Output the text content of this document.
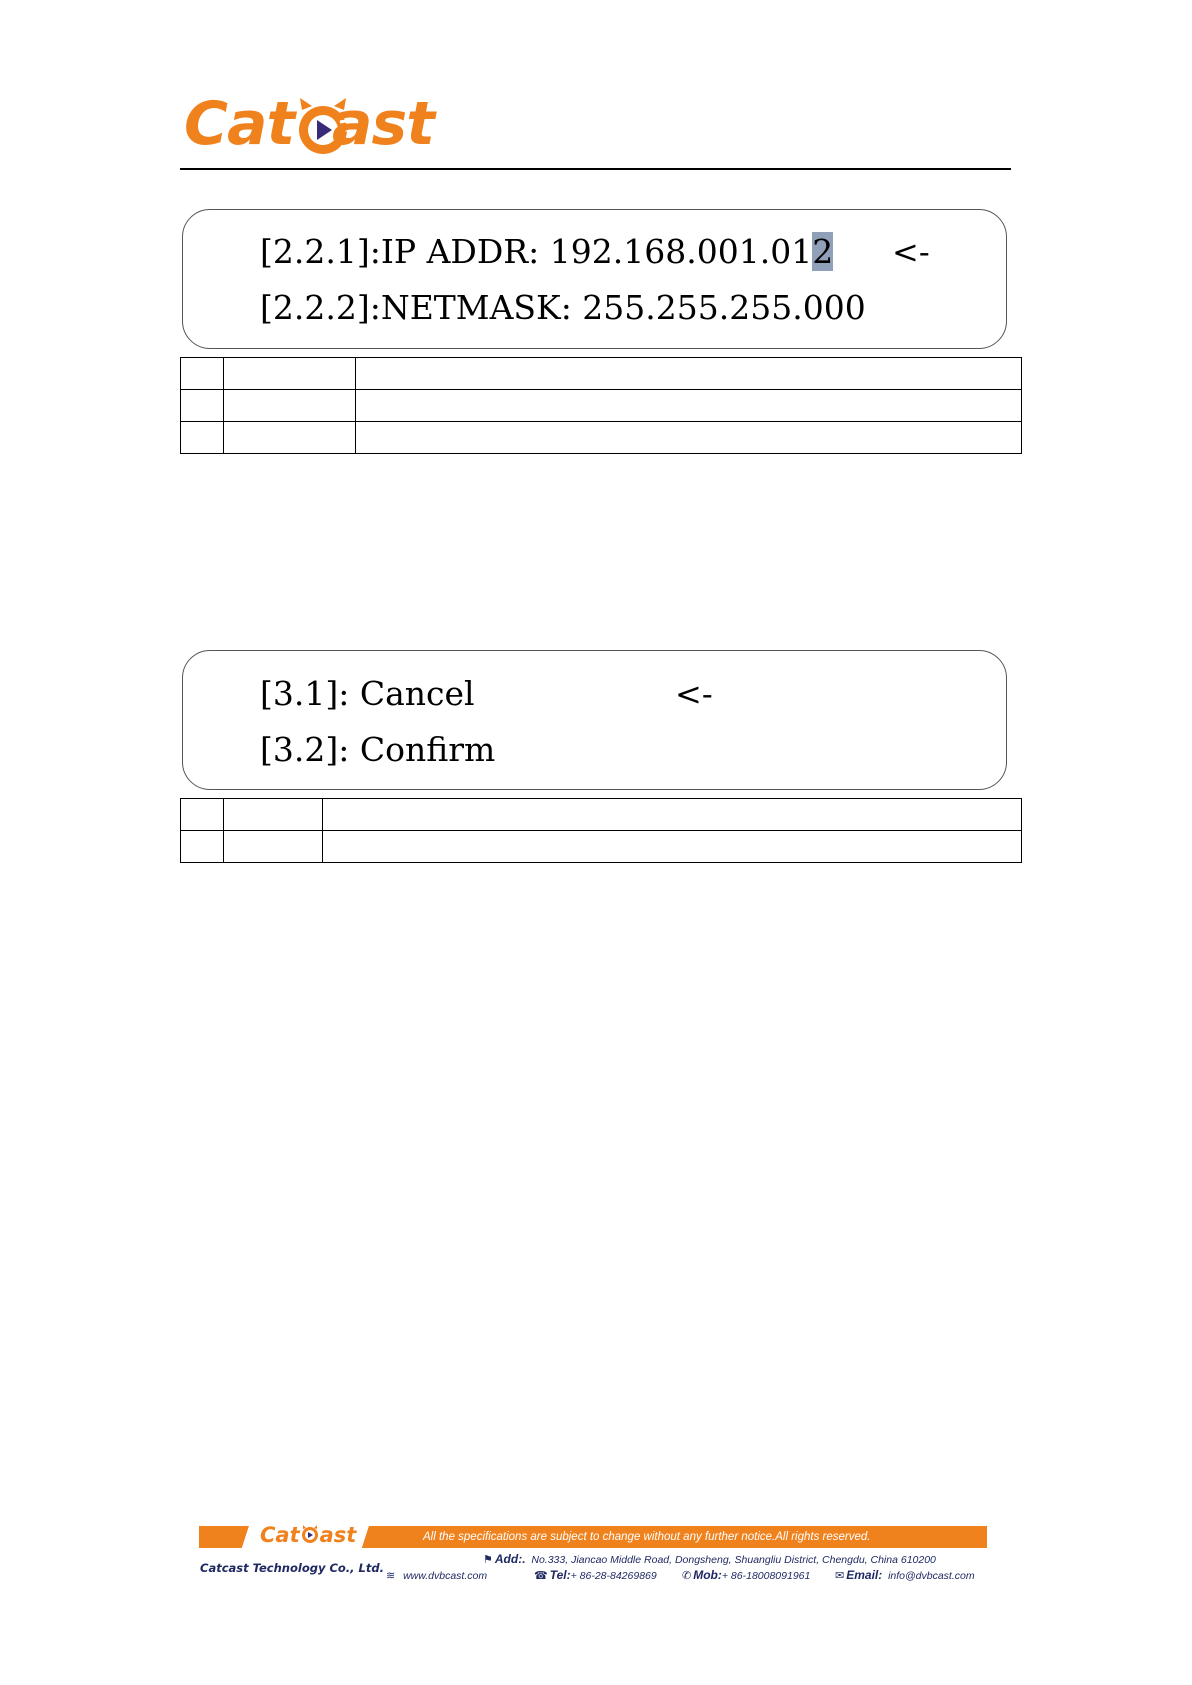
Cat ast
[2.2.1]:IP ADDR: 192.168.001.012 <-
[2.2.2]:NETMASK: 255.255.255.000

[3.1]: Cancel	<-
[3.2]: Confirm

Cat ast	All the specifications are subject to change without any further notice.All rights reserved.
Catcast Technology Co., Ltd.
⚑ Add:. No.333, Jiancao Middle Road, Dongsheng, Shuangliu District, Chengdu, China 610200
≋ www.dvbcast.com	☎ Tel:+ 86-28-84269869 ✆ Mob:+ 86-18008091961 ✉ Email: info@dvbcast.com
